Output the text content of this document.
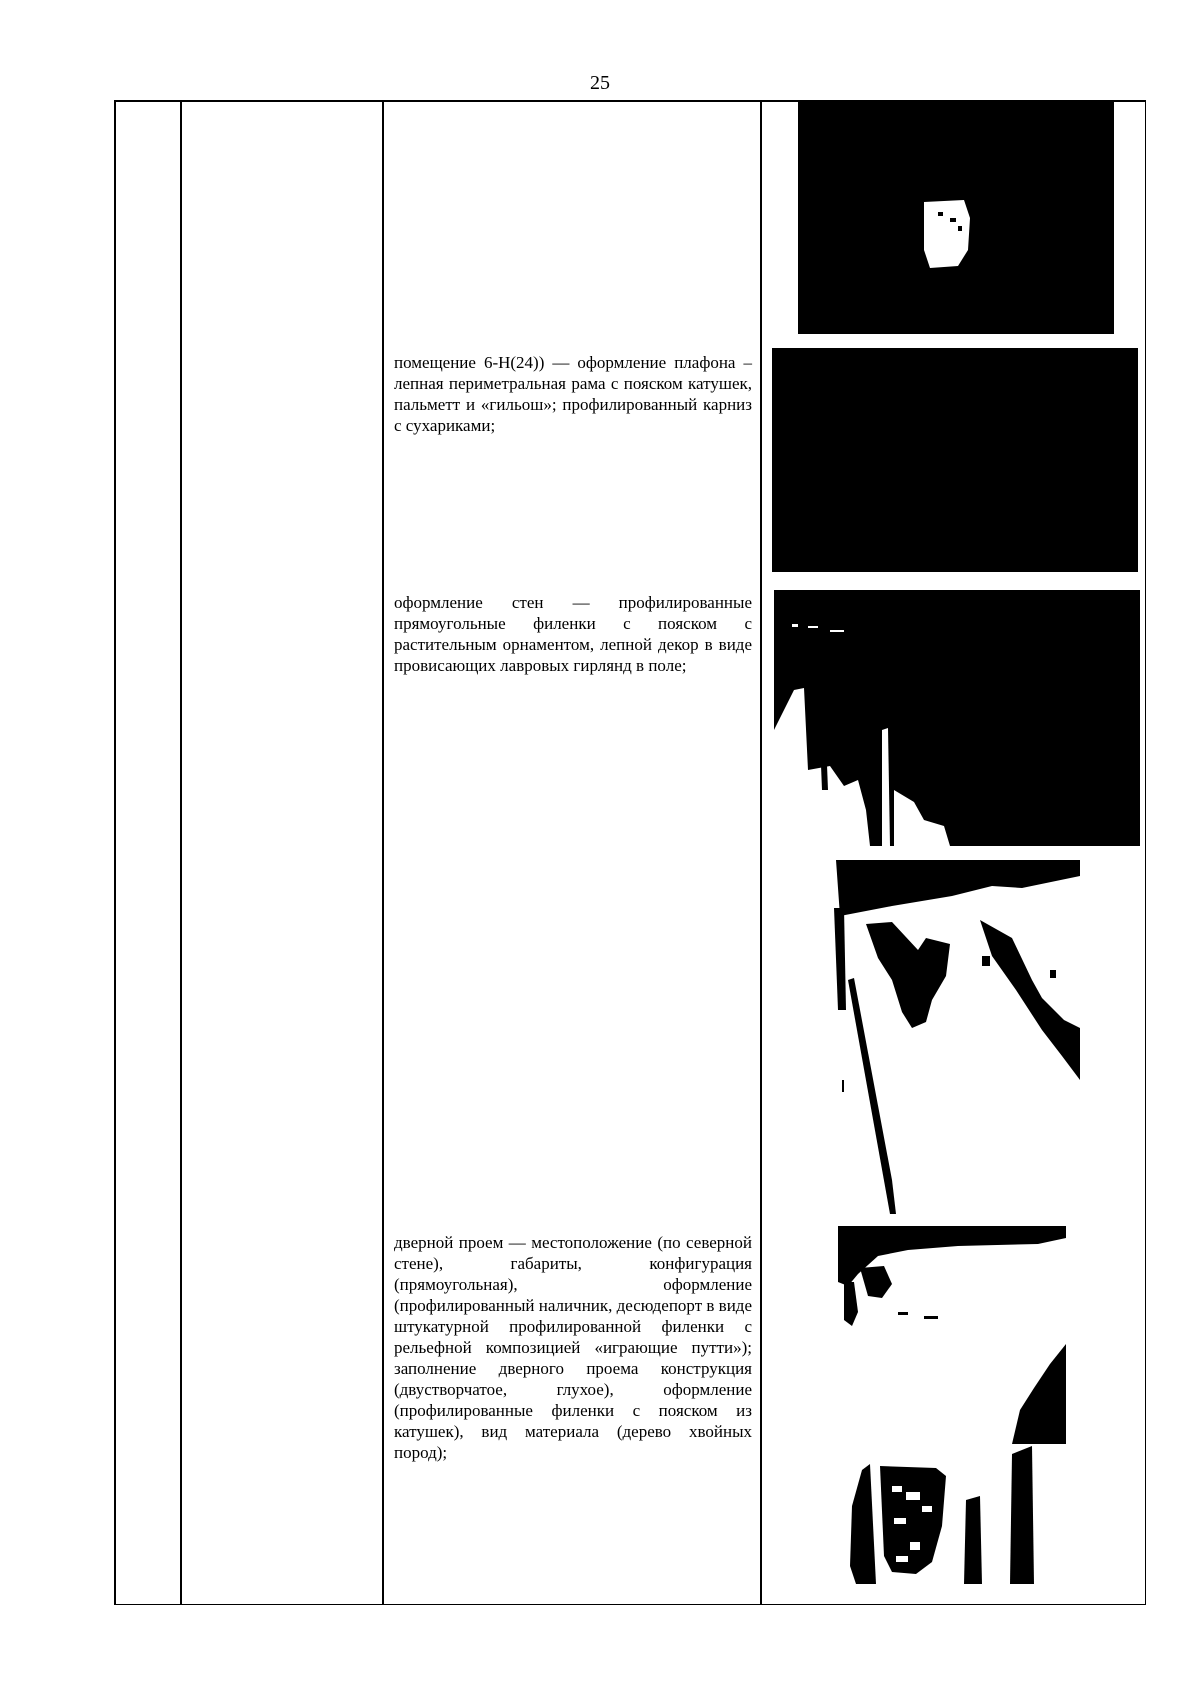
25
помещение 6-Н(24)) — оформление плафона – лепная периметральная рама с пояском катушек, пальметт и «гильош»; профилированный карниз с сухариками;
оформление стен — профилированные прямоугольные филенки с пояском с растительным орнаментом, лепной декор в виде провисающих лавровых гирлянд в поле;
дверной проем — местоположение (по северной стене), габариты, конфигурация (прямоугольная), оформление (профилированный наличник, десюдепорт в виде штукатурной профилированной филенки с рельефной композицией «играющие путти»); заполнение дверного проема конструкция (двустворчатое, глухое), оформление (профилированные филенки с пояском из катушек), вид материала (дерево хвойных пород);
